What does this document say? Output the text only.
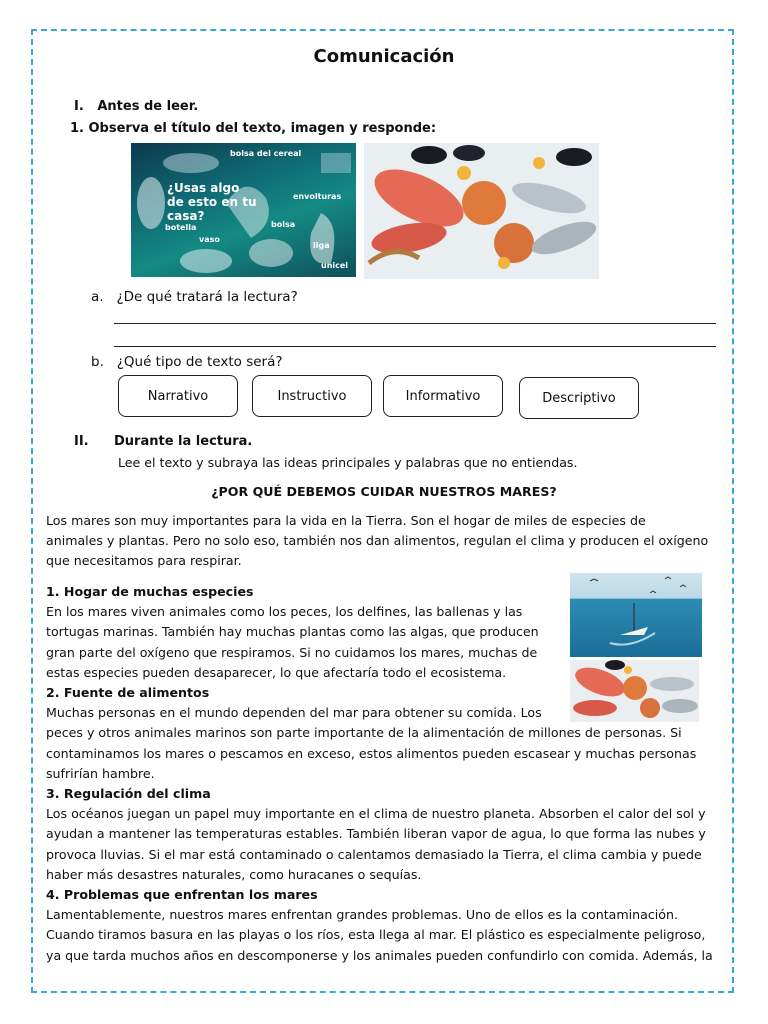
Comunicación
I.   Antes de leer.
1. Observa el título del texto, imagen y responde:
bolsa del cereal
¿Usas algo de esto en tu casa?
envolturas
botella	bolsa
vaso
liga
unicel
a.   ¿De qué tratará la lectura?
b.   ¿Qué tipo de texto será?
Narrativo	Instructivo	Informativo	Descriptivo
II. Durante la lectura.
Lee el texto y subraya las ideas principales y palabras que no entiendas.
¿POR QUÉ DEBEMOS CUIDAR NUESTROS MARES?
Los mares son muy importantes para la vida en la Tierra. Son el hogar de miles de especies de
animales y plantas. Pero no solo eso, también nos dan alimentos, regulan el clima y producen el oxígeno
que necesitamos para respirar.
1. Hogar de muchas especies
En los mares viven animales como los peces, los delfines, las ballenas y las
tortugas marinas. También hay muchas plantas como las algas, que producen
gran parte del oxígeno que respiramos. Si no cuidamos los mares, muchas de
estas especies pueden desaparecer, lo que afectaría todo el ecosistema.
2. Fuente de alimentos
Muchas personas en el mundo dependen del mar para obtener su comida. Los
peces y otros animales marinos son parte importante de la alimentación de millones de personas. Si
contaminamos los mares o pescamos en exceso, estos alimentos pueden escasear y muchas personas
sufrirían hambre.
3. Regulación del clima
Los océanos juegan un papel muy importante en el clima de nuestro planeta. Absorben el calor del sol y
ayudan a mantener las temperaturas estables. También liberan vapor de agua, lo que forma las nubes y
provoca lluvias. Si el mar está contaminado o calentamos demasiado la Tierra, el clima cambia y puede
haber más desastres naturales, como huracanes o sequías.
4. Problemas que enfrentan los mares
Lamentablemente, nuestros mares enfrentan grandes problemas. Uno de ellos es la contaminación.
Cuando tiramos basura en las playas o los ríos, esta llega al mar. El plástico es especialmente peligroso,
ya que tarda muchos años en descomponerse y los animales pueden confundirlo con comida. Además, la
